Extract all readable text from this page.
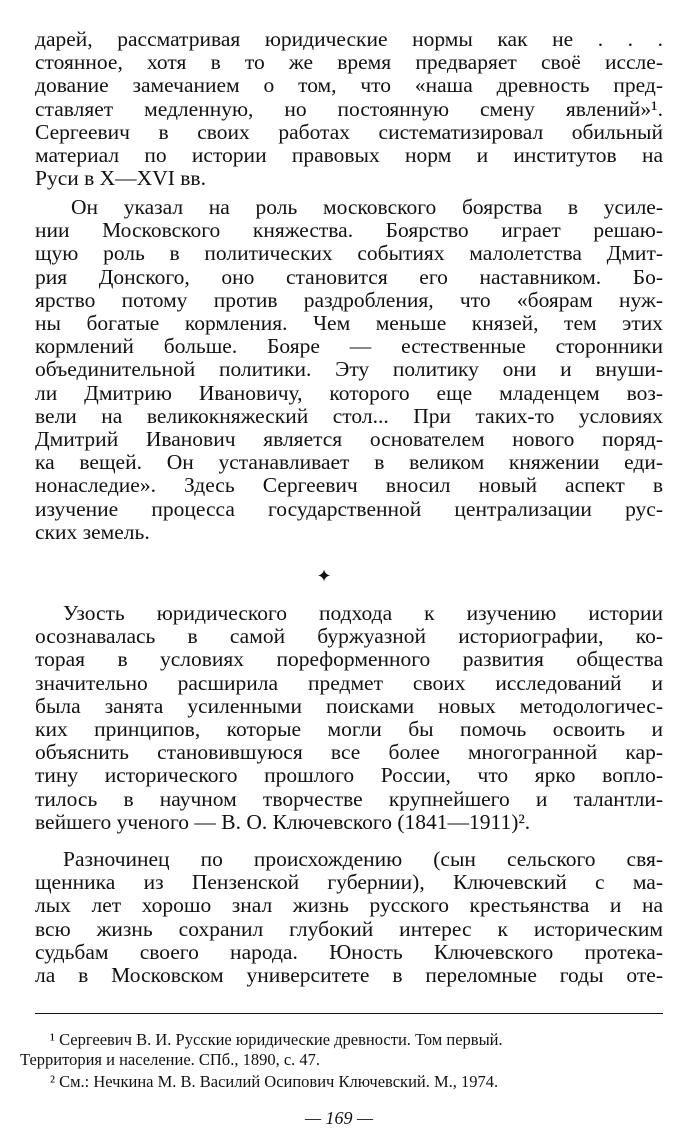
дарей, рассматривая юридические нормы как не . . .
стоянное, хотя в то же время предваряет своё иссле-
дование замечанием о том, что «наша древность пред-
ставляет медленную, но постоянную смену явлений»¹.
Сергеевич в своих работах систематизировал обильный
материал по истории правовых норм и институтов на
Руси в X—XVI вв.
Он указал на роль московского боярства в усиле-
нии Московского княжества. Боярство играет решаю-
щую роль в политических событиях малолетства Дмит-
рия Донского, оно становится его наставником. Бо-
ярство потому против раздробления, что «боярам нуж-
ны богатые кормления. Чем меньше князей, тем этих
кормлений больше. Бояре — естественные сторонники
объединительной политики. Эту политику они и внуши-
ли Дмитрию Ивановичу, которого еще младенцем воз-
вели на великокняжеский стол... При таких-то условиях
Дмитрий Иванович является основателем нового поряд-
ка вещей. Он устанавливает в великом княжении еди-
нонаследие». Здесь Сергеевич вносил новый аспект в
изучение процесса государственной централизации рус-
ских земель.
✦
Узость юридического подхода к изучению истории
осознавалась в самой буржуазной историографии, ко-
торая в условиях пореформенного развития общества
значительно расширила предмет своих исследований и
была занята усиленными поисками новых методологичес-
ких принципов, которые могли бы помочь освоить и
объяснить становившуюся все более многогранной кар-
тину исторического прошлого России, что ярко вопло-
тилось в научном творчестве крупнейшего и талантли-
вейшего ученого — В. О. Ключевского (1841—1911)².
Разночинец по происхождению (сын сельского свя-
щенника из Пензенской губернии), Ключевский с ма-
лых лет хорошо знал жизнь русского крестьянства и на
всю жизнь сохранил глубокий интерес к историческим
судьбам своего народа. Юность Ключевского протека-
ла в Московском университете в переломные годы оте-
¹ Сергеевич В. И. Русские юридические древности. Том первый.
Территория и население. СПб., 1890, с. 47.
² См.: Нечкина М. В. Василий Осипович Ключевский. М., 1974.
— 169 —
